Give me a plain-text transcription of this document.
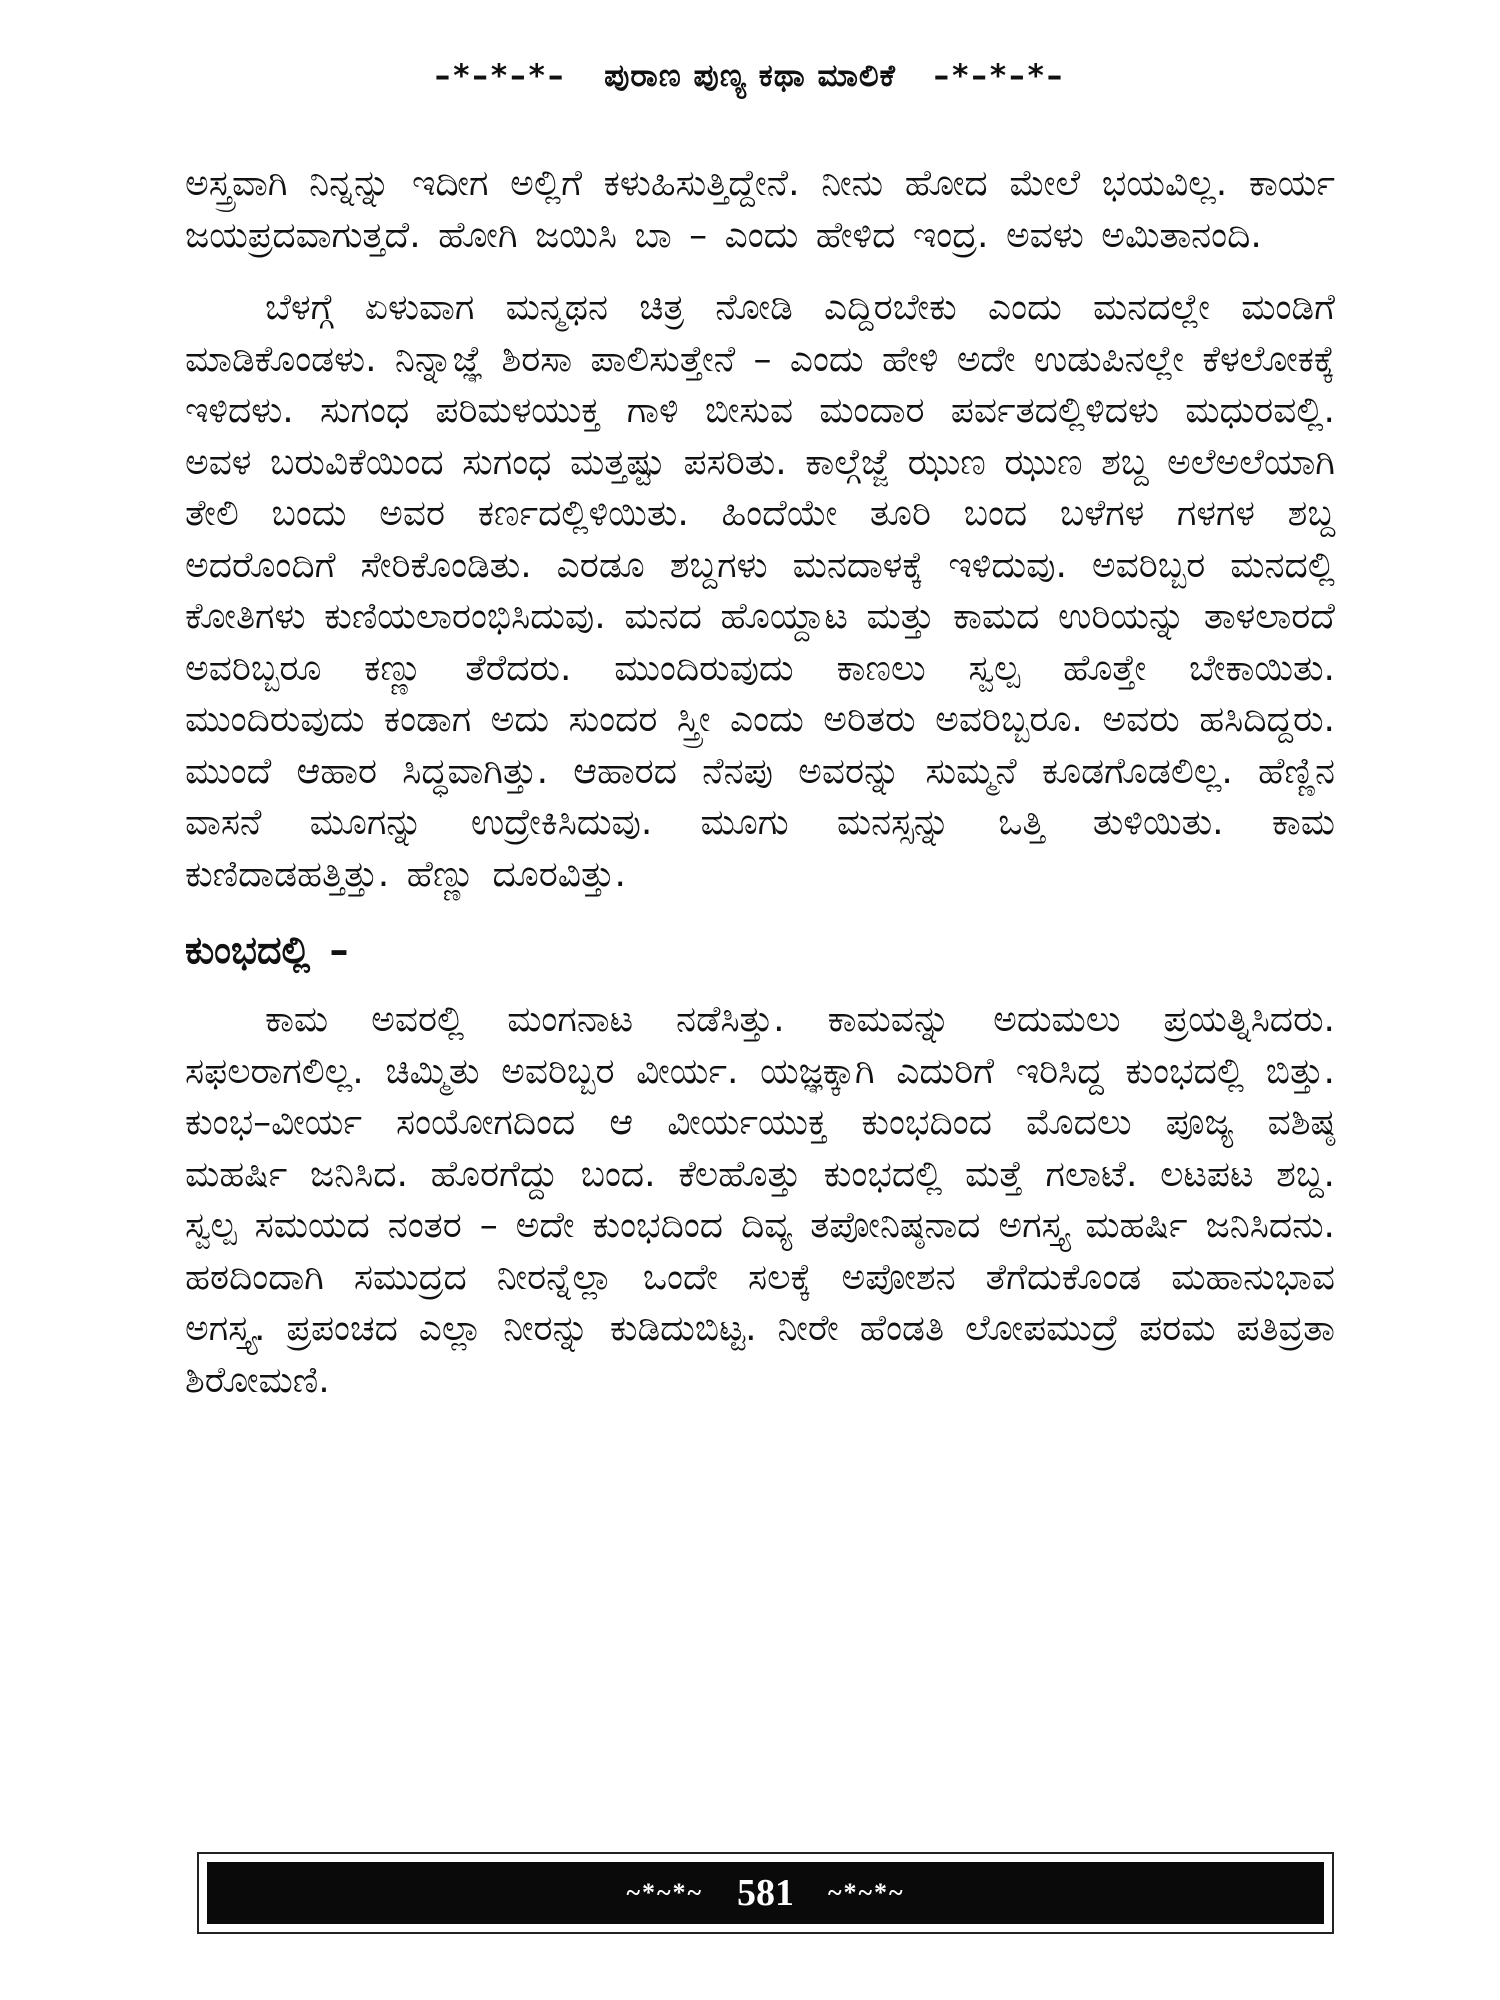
–*–*–*– ಪುರಾಣ ಪುಣ್ಯ ಕಥಾ ಮಾಲಿಕೆ –*–*–*–

ಅಸ್ತ್ರವಾಗಿ ನಿನ್ನನ್ನು ಇದೀಗ ಅಲ್ಲಿಗೆ ಕಳುಹಿಸುತ್ತಿದ್ದೇನೆ. ನೀನು ಹೋದ ಮೇಲೆ ಭಯವಿಲ್ಲ. ಕಾರ್ಯ ಜಯಪ್ರದವಾಗುತ್ತದೆ. ಹೋಗಿ ಜಯಿಸಿ ಬಾ – ಎಂದು ಹೇಳಿದ ಇಂದ್ರ. ಅವಳು ಅಮಿತಾನಂದಿ.

ಬೆಳಗ್ಗೆ ಏಳುವಾಗ ಮನ್ಮಥನ ಚಿತ್ರ ನೋಡಿ ಎದ್ದಿರಬೇಕು ಎಂದು ಮನದಲ್ಲೇ ಮಂಡಿಗೆ ಮಾಡಿಕೊಂಡಳು. ನಿನ್ನಾಜ್ಞೆ ಶಿರಸಾ ಪಾಲಿಸುತ್ತೇನೆ – ಎಂದು ಹೇಳಿ ಅದೇ ಉಡುಪಿನಲ್ಲೇ ಕೆಳಲೋಕಕ್ಕೆ ಇಳಿದಳು. ಸುಗಂಧ ಪರಿಮಳಯುಕ್ತ ಗಾಳಿ ಬೀಸುವ ಮಂದಾರ ಪರ್ವತದಲ್ಲಿಳಿದಳು ಮಧುರವಲ್ಲಿ. ಅವಳ ಬರುವಿಕೆಯಿಂದ ಸುಗಂಧ ಮತ್ತಷ್ಟು ಪಸರಿತು. ಕಾಲ್ಗೆಜ್ಜೆ ಝುಣ ಝುಣ ಶಬ್ದ ಅಲೆಅಲೆಯಾಗಿ ತೇಲಿ ಬಂದು ಅವರ ಕರ್ಣದಲ್ಲಿಳಿಯಿತು. ಹಿಂದೆಯೇ ತೂರಿ ಬಂದ ಬಳೆಗಳ ಗಳಗಳ ಶಬ್ದ ಅದರೊಂದಿಗೆ ಸೇರಿಕೊಂಡಿತು. ಎರಡೂ ಶಬ್ದಗಳು ಮನದಾಳಕ್ಕೆ ಇಳಿದುವು. ಅವರಿಬ್ಬರ ಮನದಲ್ಲಿ ಕೋತಿಗಳು ಕುಣಿಯಲಾರಂಭಿಸಿದುವು. ಮನದ ಹೊಯ್ದಾಟ ಮತ್ತು ಕಾಮದ ಉರಿಯನ್ನು ತಾಳಲಾರದೆ ಅವರಿಬ್ಬರೂ ಕಣ್ಣು ತೆರೆದರು. ಮುಂದಿರುವುದು ಕಾಣಲು ಸ್ವಲ್ಪ ಹೊತ್ತೇ ಬೇಕಾಯಿತು. ಮುಂದಿರುವುದು ಕಂಡಾಗ ಅದು ಸುಂದರ ಸ್ತ್ರೀ ಎಂದು ಅರಿತರು ಅವರಿಬ್ಬರೂ. ಅವರು ಹಸಿದಿದ್ದರು. ಮುಂದೆ ಆಹಾರ ಸಿದ್ಧವಾಗಿತ್ತು. ಆಹಾರದ ನೆನಪು ಅವರನ್ನು ಸುಮ್ಮನೆ ಕೂಡಗೊಡಲಿಲ್ಲ. ಹೆಣ್ಣಿನ ವಾಸನೆ ಮೂಗನ್ನು ಉದ್ರೇಕಿಸಿದುವು. ಮೂಗು ಮನಸ್ಸನ್ನು ಒತ್ತಿ ತುಳಿಯಿತು. ಕಾಮ ಕುಣಿದಾಡಹತ್ತಿತ್ತು. ಹೆಣ್ಣು ದೂರವಿತ್ತು.

ಕುಂಭದಲ್ಲಿ –

ಕಾಮ ಅವರಲ್ಲಿ ಮಂಗನಾಟ ನಡೆಸಿತ್ತು. ಕಾಮವನ್ನು ಅದುಮಲು ಪ್ರಯತ್ನಿಸಿದರು. ಸಫಲರಾಗಲಿಲ್ಲ. ಚಿಮ್ಮಿತು ಅವರಿಬ್ಬರ ವೀರ್ಯ. ಯಜ್ಞಕ್ಕಾಗಿ ಎದುರಿಗೆ ಇರಿಸಿದ್ದ ಕುಂಭದಲ್ಲಿ ಬಿತ್ತು. ಕುಂಭ–ವೀರ್ಯ ಸಂಯೋಗದಿಂದ ಆ ವೀರ್ಯಯುಕ್ತ ಕುಂಭದಿಂದ ಮೊದಲು ಪೂಜ್ಯ ವಶಿಷ್ಠ ಮಹರ್ಷಿ ಜನಿಸಿದ. ಹೊರಗೆದ್ದು ಬಂದ. ಕೆಲಹೊತ್ತು ಕುಂಭದಲ್ಲಿ ಮತ್ತೆ ಗಲಾಟೆ. ಲಟಪಟ ಶಬ್ದ. ಸ್ವಲ್ಪ ಸಮಯದ ನಂತರ – ಅದೇ ಕುಂಭದಿಂದ ದಿವ್ಯ ತಪೋನಿಷ್ಠನಾದ ಅಗಸ್ತ್ಯ ಮಹರ್ಷಿ ಜನಿಸಿದನು. ಹಠದಿಂದಾಗಿ ಸಮುದ್ರದ ನೀರನ್ನೆಲ್ಲಾ ಒಂದೇ ಸಲಕ್ಕೆ ಅಪೋಶನ ತೆಗೆದುಕೊಂಡ ಮಹಾನುಭಾವ ಅಗಸ್ತ್ಯ. ಪ್ರಪಂಚದ ಎಲ್ಲಾ ನೀರನ್ನು ಕುಡಿದುಬಿಟ್ಟ. ನೀರೇ ಹೆಂಡತಿ ಲೋಪಮುದ್ರೆ ಪರಮ ಪತಿವ್ರತಾ ಶಿರೋಮಣಿ.

~*~*~ 581 ~*~*~
